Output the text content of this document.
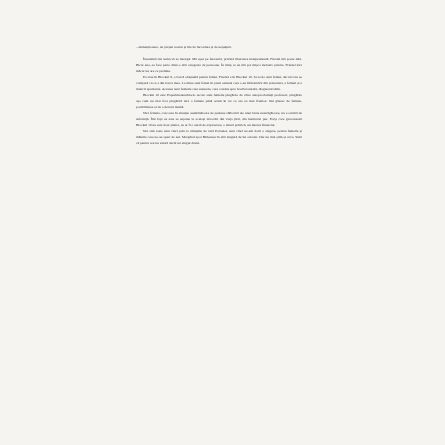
...demenționare, iar plepul nostru şi ilie de încordare şi de nepuţină.

Înseamnă dai semn să se meargă. Mă aşez pe fereastră, privind libertatea independentă. Friedel mă poate iubi. Bicar ana, ea face parte dintr-o altă categorie de persoane. În timp ce eu mă pot mişca inclusiv printre. Friedel nici măcar nu are ce permite.

Ea stau în Blockul 9, o barcă obişnuită pentru femei. Friedel e în Blockul 10. Şi acolo sunt femei, dar nici nu se compară cu ce-i din barca mea. La mine sunt femei în pusti oameni care s-au îmbolnăvit din prizonieri, a femeii şi a muncii epuizante. Acestea sunt femeile care naturale, care condus spre boală naturală, diagnosticabile.

Blockul 10 este Experimentenblock. Acolo sunt femeile pingărite de către autoproclamaţi profesori, pingărite aşa cum nu mai fost pingărită nici o femeie până acum în tot ce are ea mai frumos: îmi găsesc de femeie, posibilitatea ei de a deveni mamă.

Nici femeia, care este în situaţie asemănătoare de pasiune sălbatică ale unei brute neatrăgătoare, nu e scutită de suferinţă. Îmi fapt ea este se supune la acelaşi invocări din viaţa ţării, din instinctul pur. Forţa care guvernează Blockul 10 nu este doar păstra, ea ar fi o sursă de exploatare, o latură politică, un interes financiar.

Noi sim toate sunt cinci prin la câmpiile de vară Poloniei, sunt cinci ne-am dorit o alegere, pentru femeile şi mâinile care ne-au spart de ani. Mergând apoi Birkenau în altă singură de lui orizont. Dar nu mai ştim şi ceva. Simt că pentru noi nu există decât un singur drum.
